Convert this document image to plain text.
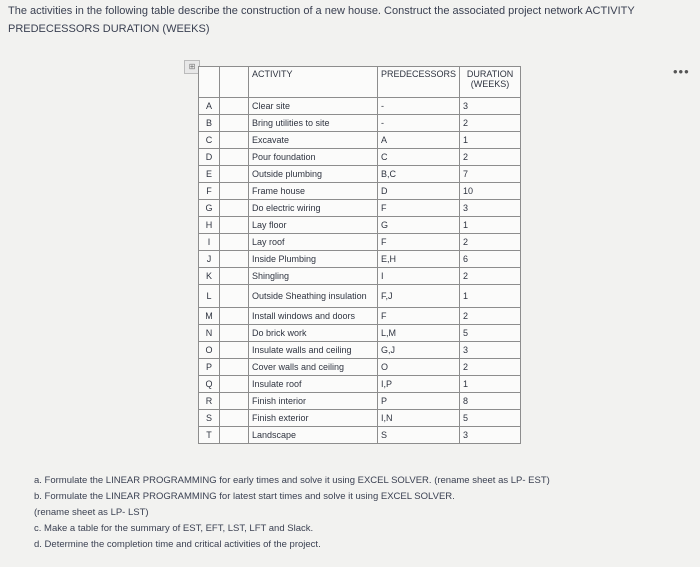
The activities in the following table describe the construction of a new house. Construct the associated project network ACTIVITY PREDECESSORS DURATION (WEEKS)
⊞	•••
		ACTIVITY	PREDECESSORS	DURATION (WEEKS)
A		Clear site	-	3
B		Bring utilities to site	-	2
C		Excavate	A	1
D		Pour foundation	C	2
E		Outside plumbing	B,C	7
F		Frame house	D	10
G		Do electric wiring	F	3
H		Lay floor	G	1
I		Lay roof	F	2
J		Inside Plumbing	E,H	6
K		Shingling	I	2
L		Outside Sheathing insulation	F,J	1
M		Install windows and doors	F	2
N		Do brick work	L,M	5
O		Insulate walls and ceiling	G,J	3
P		Cover walls and ceiling	O	2
Q		Insulate roof	I,P	1
R		Finish interior	P	8
S		Finish exterior	I,N	5
T		Landscape	S	3
a. Formulate the LINEAR PROGRAMMING for early times and solve it using EXCEL SOLVER. (rename sheet as LP- EST)
b. Formulate the LINEAR PROGRAMMING for latest start times and solve it using EXCEL SOLVER.
(rename sheet as LP- LST)
c. Make a table for the summary of EST, EFT, LST, LFT and Slack.
d. Determine the completion time and critical activities of the project.
